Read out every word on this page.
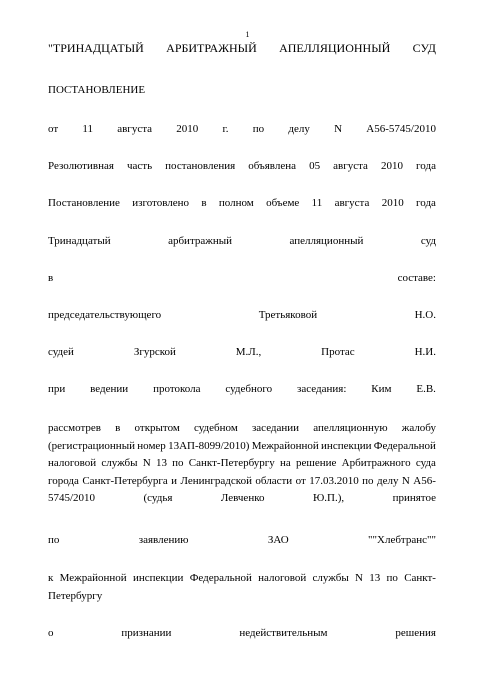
1
"ТРИНАДЦАТЫЙ АРБИТРАЖНЫЙ АПЕЛЛЯЦИОННЫЙ СУД
ПОСТАНОВЛЕНИЕ
от 11 августа 2010 г. по делу N А56-5745/2010
Резолютивная часть постановления объявлена 05 августа 2010 года
Постановление изготовлено в полном объеме 11 августа 2010 года
Тринадцатый	арбитражный	апелляционный	суд
в	составе:
председательствующего	Третьяковой	Н.О.
судей	Згурской	М.Л.,	Протас	Н.И.
при ведении протокола судебного заседания: Ким Е.В.
рассмотрев в открытом судебном заседании апелляционную жалобу
(регистрационный номер 13АП-8099/2010) Межрайонной инспекции Федеральной
налоговой службы N 13 по Санкт-Петербургу на решение Арбитражного суда
города Санкт-Петербурга и Ленинградской области от 17.03.2010 по делу N А56-
5745/2010	(судья	Левченко	Ю.П.),	принятое
по	заявлению	ЗАО	""Хлебтранс""
к Межрайонной инспекции Федеральной налоговой службы N 13 по Санкт-
Петербургу
о	признании	недействительным	решения
